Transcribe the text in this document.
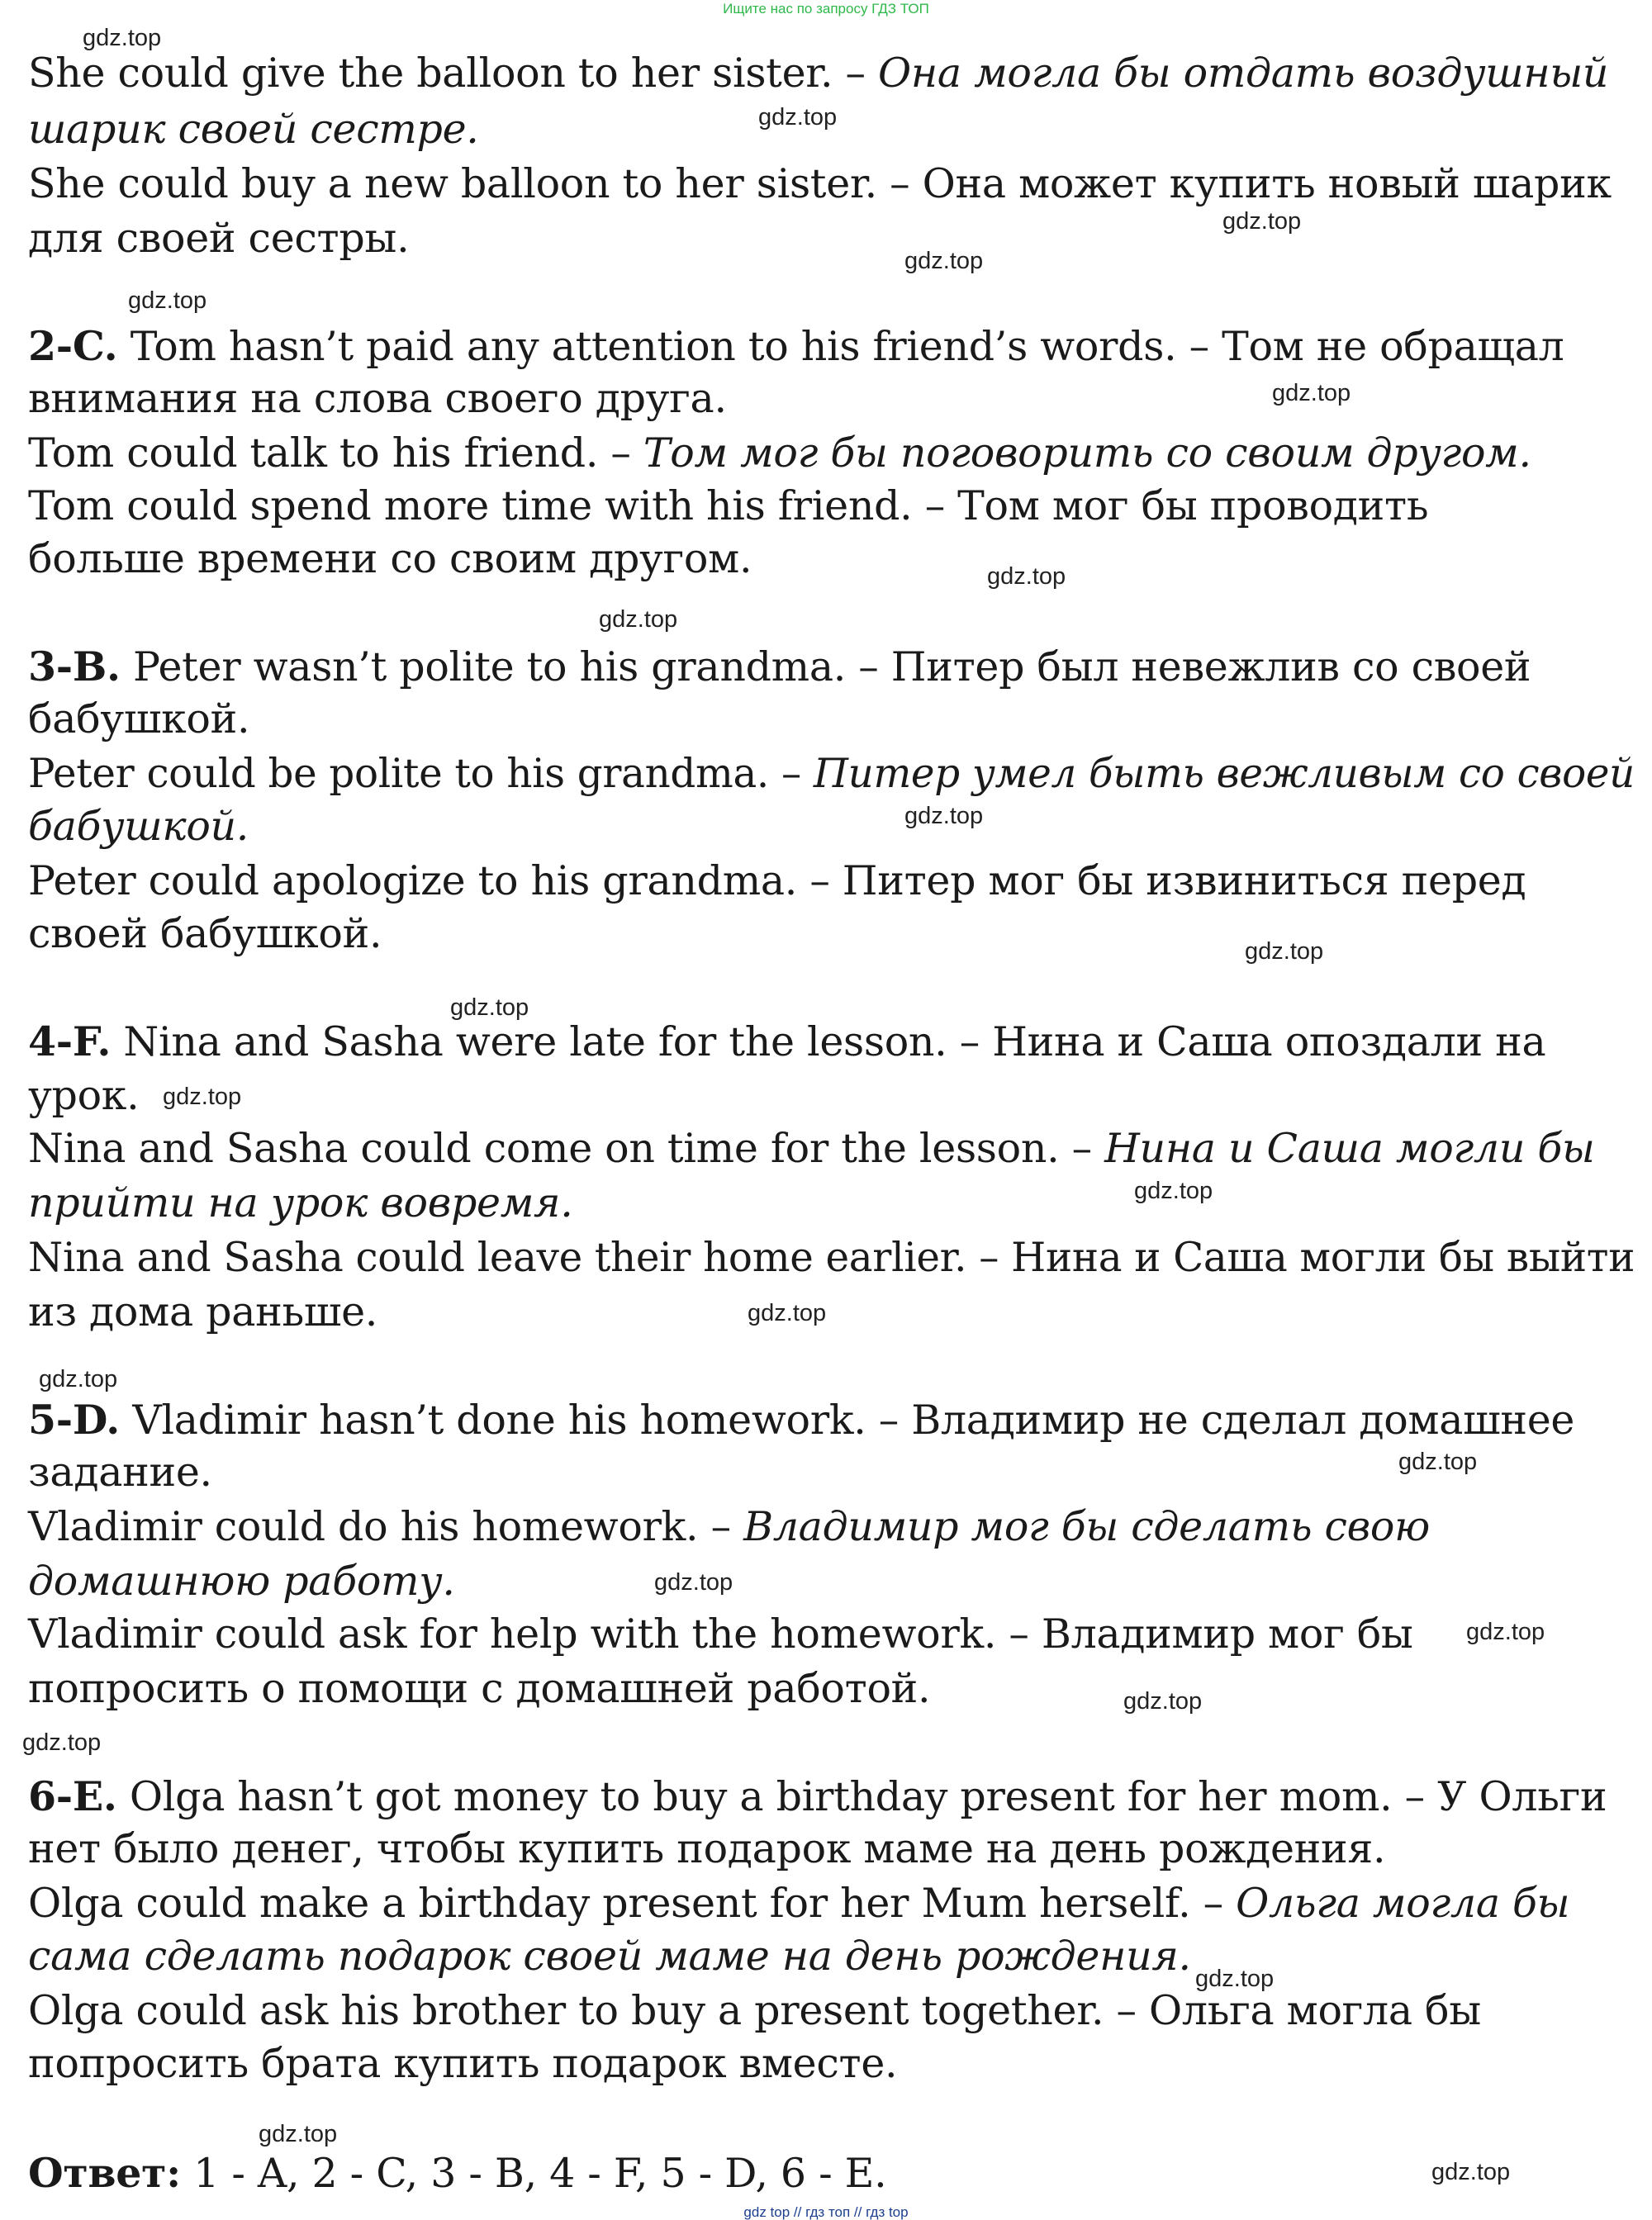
Ищите нас по запросу ГДЗ ТОП

She could give the balloon to her sister. – Она могла бы отдать воздушный

шарик своей сестре.

She could buy a new balloon to her sister. – Она может купить новый шарик

для своей сестры.

2-C. Tom hasn’t paid any attention to his friend’s words. – Том не обращал

внимания на слова своего друга.

Tom could talk to his friend. – Том мог бы поговорить со своим другом.

Tom could spend more time with his friend. – Том мог бы проводить

больше времени со своим другом.

3-B. Peter wasn’t polite to his grandma. – Питер был невежлив со своей

бабушкой.

Peter could be polite to his grandma. – Питер умел быть вежливым со своей

бабушкой.

Peter could apologize to his grandma. – Питер мог бы извиниться перед

своей бабушкой.

4-F. Nina and Sasha were late for the lesson. – Нина и Саша опоздали на

урок.

Nina and Sasha could come on time for the lesson. – Нина и Саша могли бы

прийти на урок вовремя.

Nina and Sasha could leave their home earlier. – Нина и Саша могли бы выйти

из дома раньше.

5-D. Vladimir hasn’t done his homework. – Владимир не сделал домашнее

задание.

Vladimir could do his homework. – Владимир мог бы сделать свою

домашнюю работу.

Vladimir could ask for help with the homework. – Владимир мог бы

попросить о помощи с домашней работой.

6-E. Olga hasn’t got money to buy a birthday present for her mom. – У Ольги

нет было денег, чтобы купить подарок маме на день рождения.

Olga could make a birthday present for her Mum herself. – Ольга могла бы

сама сделать подарок своей маме на день рождения.

Olga could ask his brother to buy a present together. – Ольга могла бы

попросить брата купить подарок вместе.

Ответ: 1 - A, 2 - C, 3 - B, 4 - F, 5 - D, 6 - E.

gdz.top
gdz.top
gdz.top
gdz.top
gdz.top
gdz.top
gdz.top
gdz.top
gdz.top
gdz.top
gdz.top
gdz.top
gdz.top
gdz.top
gdz.top
gdz.top
gdz.top
gdz.top
gdz.top
gdz.top
gdz.top
gdz.top
gdz.top
gdz top // гдз топ // гдз top
